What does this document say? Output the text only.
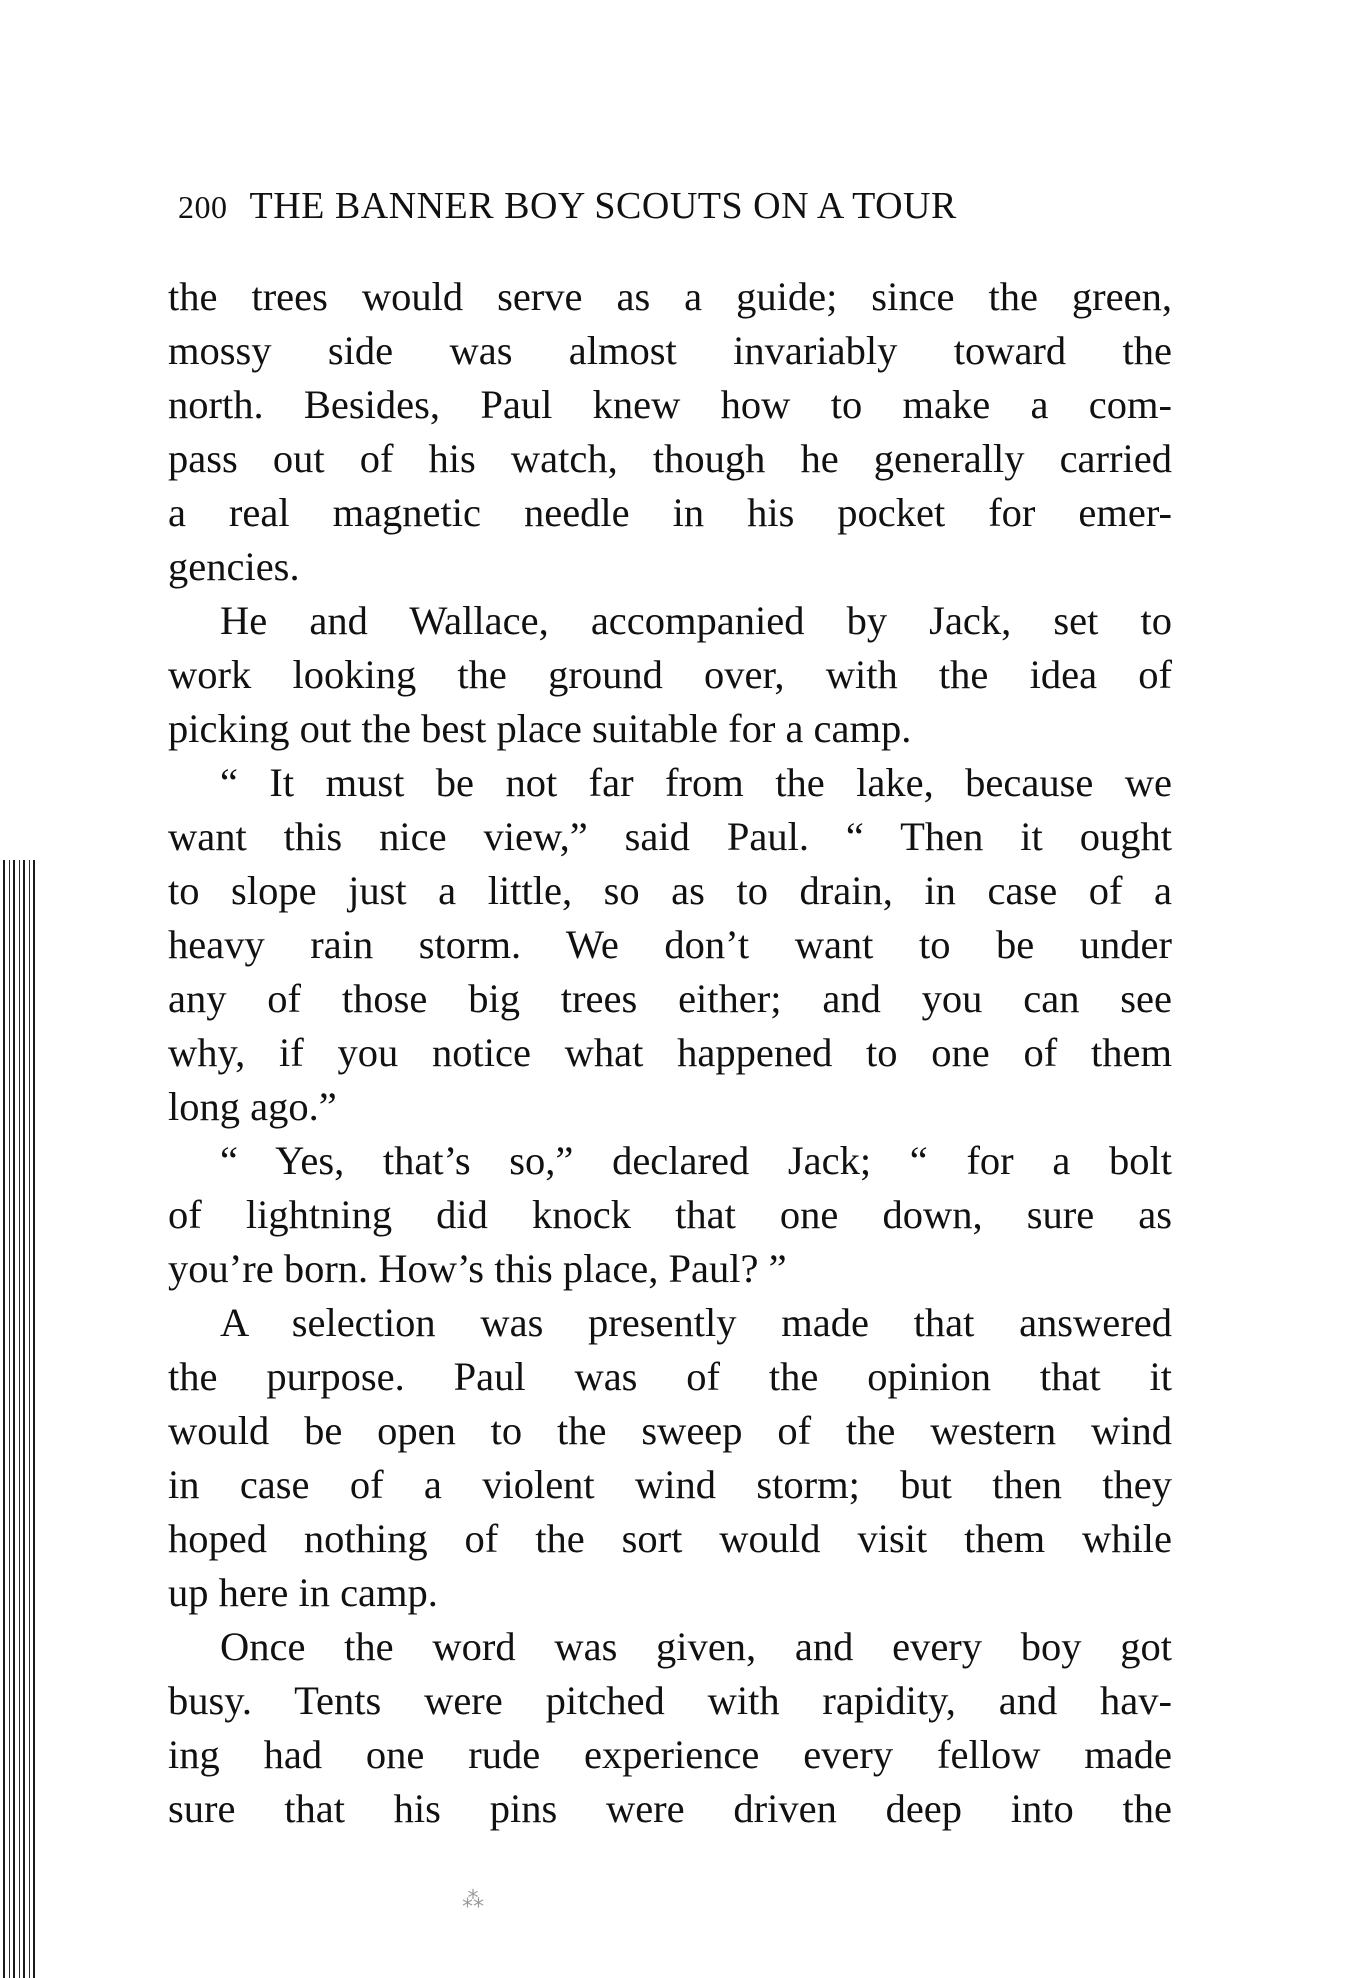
200 THE BANNER BOY SCOUTS ON A TOUR
the trees would serve as a guide; since the green,
mossy side was almost invariably toward the
north. Besides, Paul knew how to make a com-
pass out of his watch, though he generally carried
a real magnetic needle in his pocket for emer-
gencies.
He and Wallace, accompanied by Jack, set to
work looking the ground over, with the idea of
picking out the best place suitable for a camp.
“ It must be not far from the lake, because we
want this nice view,” said Paul. “ Then it ought
to slope just a little, so as to drain, in case of a
heavy rain storm. We don’t want to be under
any of those big trees either; and you can see
why, if you notice what happened to one of them
long ago.”
“ Yes, that’s so,” declared Jack; “ for a bolt
of lightning did knock that one down, sure as
you’re born. How’s this place, Paul? ”
A selection was presently made that answered
the purpose. Paul was of the opinion that it
would be open to the sweep of the western wind
in case of a violent wind storm; but then they
hoped nothing of the sort would visit them while
up here in camp.
Once the word was given, and every boy got
busy. Tents were pitched with rapidity, and hav-
ing had one rude experience every fellow made
sure that his pins were driven deep into the
⁂
